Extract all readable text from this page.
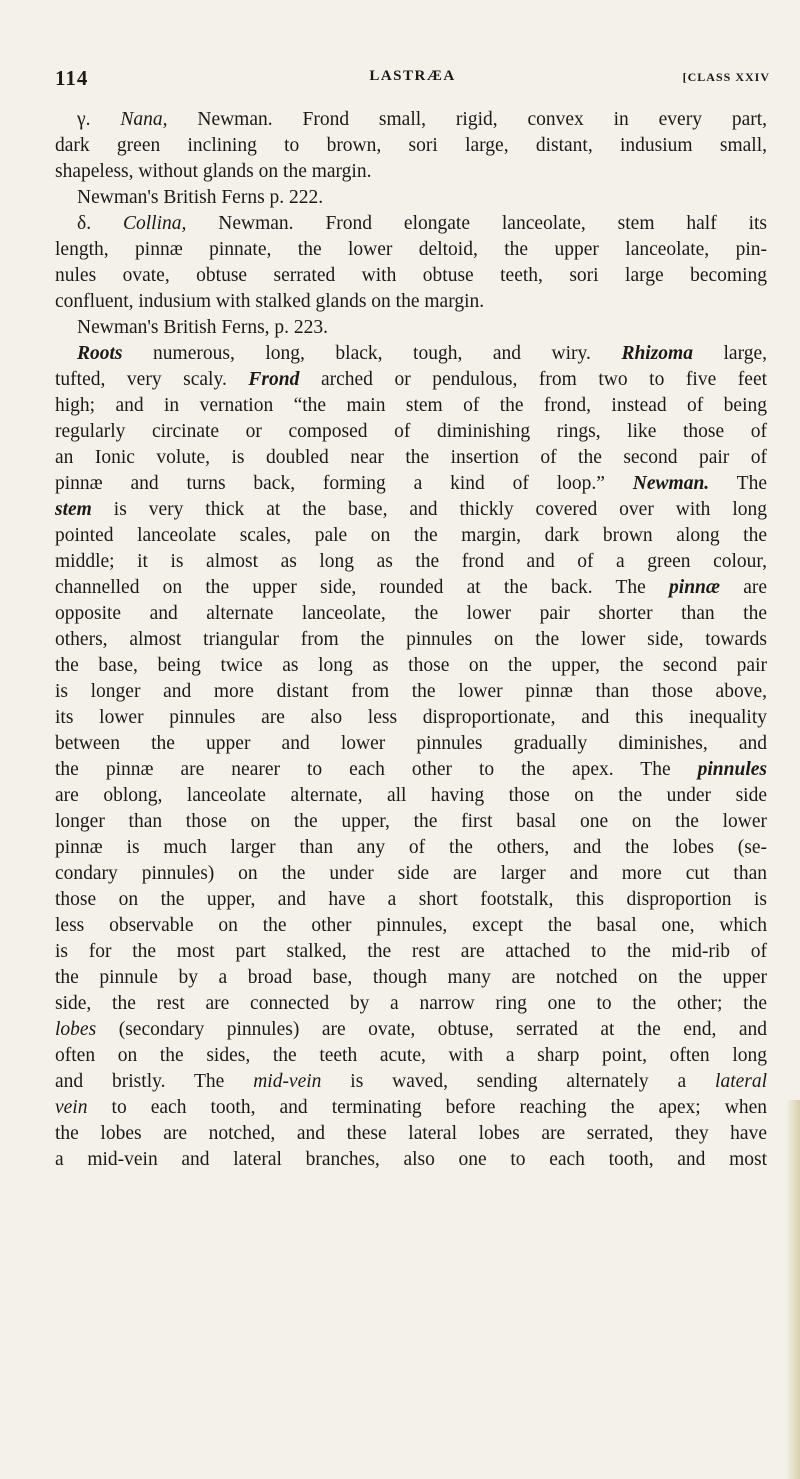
114	LASTRÆA	[CLASS XXIV
γ. Nana, Newman. Frond small, rigid, convex in every part,
dark green inclining to brown, sori large, distant, indusium small,
shapeless, without glands on the margin.
Newman's British Ferns p. 222.
δ. Collina, Newman. Frond elongate lanceolate, stem half its
length, pinnæ pinnate, the lower deltoid, the upper lanceolate, pin-
nules ovate, obtuse serrated with obtuse teeth, sori large becoming
confluent, indusium with stalked glands on the margin.
Newman's British Ferns, p. 223.
Roots numerous, long, black, tough, and wiry. Rhizoma large,
tufted, very scaly. Frond arched or pendulous, from two to five feet
high; and in vernation “the main stem of the frond, instead of being
regularly circinate or composed of diminishing rings, like those of
an Ionic volute, is doubled near the insertion of the second pair of
pinnæ and turns back, forming a kind of loop.” Newman. The
stem is very thick at the base, and thickly covered over with long
pointed lanceolate scales, pale on the margin, dark brown along the
middle; it is almost as long as the frond and of a green colour,
channelled on the upper side, rounded at the back. The pinnæ are
opposite and alternate lanceolate, the lower pair shorter than the
others, almost triangular from the pinnules on the lower side, towards
the base, being twice as long as those on the upper, the second pair
is longer and more distant from the lower pinnæ than those above,
its lower pinnules are also less disproportionate, and this inequality
between the upper and lower pinnules gradually diminishes, and
the pinnæ are nearer to each other to the apex. The pinnules
are oblong, lanceolate alternate, all having those on the under side
longer than those on the upper, the first basal one on the lower
pinnæ is much larger than any of the others, and the lobes (se-
condary pinnules) on the under side are larger and more cut than
those on the upper, and have a short footstalk, this disproportion is
less observable on the other pinnules, except the basal one, which
is for the most part stalked, the rest are attached to the mid-rib of
the pinnule by a broad base, though many are notched on the upper
side, the rest are connected by a narrow ring one to the other; the
lobes (secondary pinnules) are ovate, obtuse, serrated at the end, and
often on the sides, the teeth acute, with a sharp point, often long
and bristly. The mid-vein is waved, sending alternately a lateral
vein to each tooth, and terminating before reaching the apex; when
the lobes are notched, and these lateral lobes are serrated, they have
a mid-vein and lateral branches, also one to each tooth, and most
